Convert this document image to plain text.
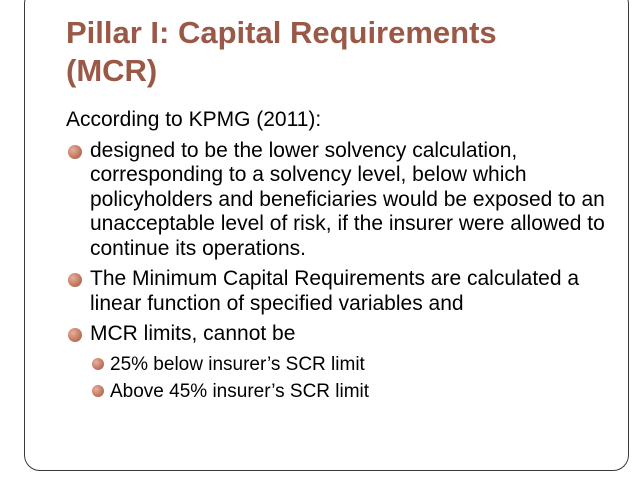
Pillar I: Capital Requirements (MCR)

According to KPMG (2011):

designed to be the lower solvency calculation, corresponding to a solvency level, below which policyholders and beneficiaries would be exposed to an unacceptable level of risk, if the insurer were allowed to continue its operations.
The Minimum Capital Requirements are calculated a linear function of specified variables and
MCR limits, cannot be
25% below insurer’s SCR limit
Above 45% insurer’s SCR limit
